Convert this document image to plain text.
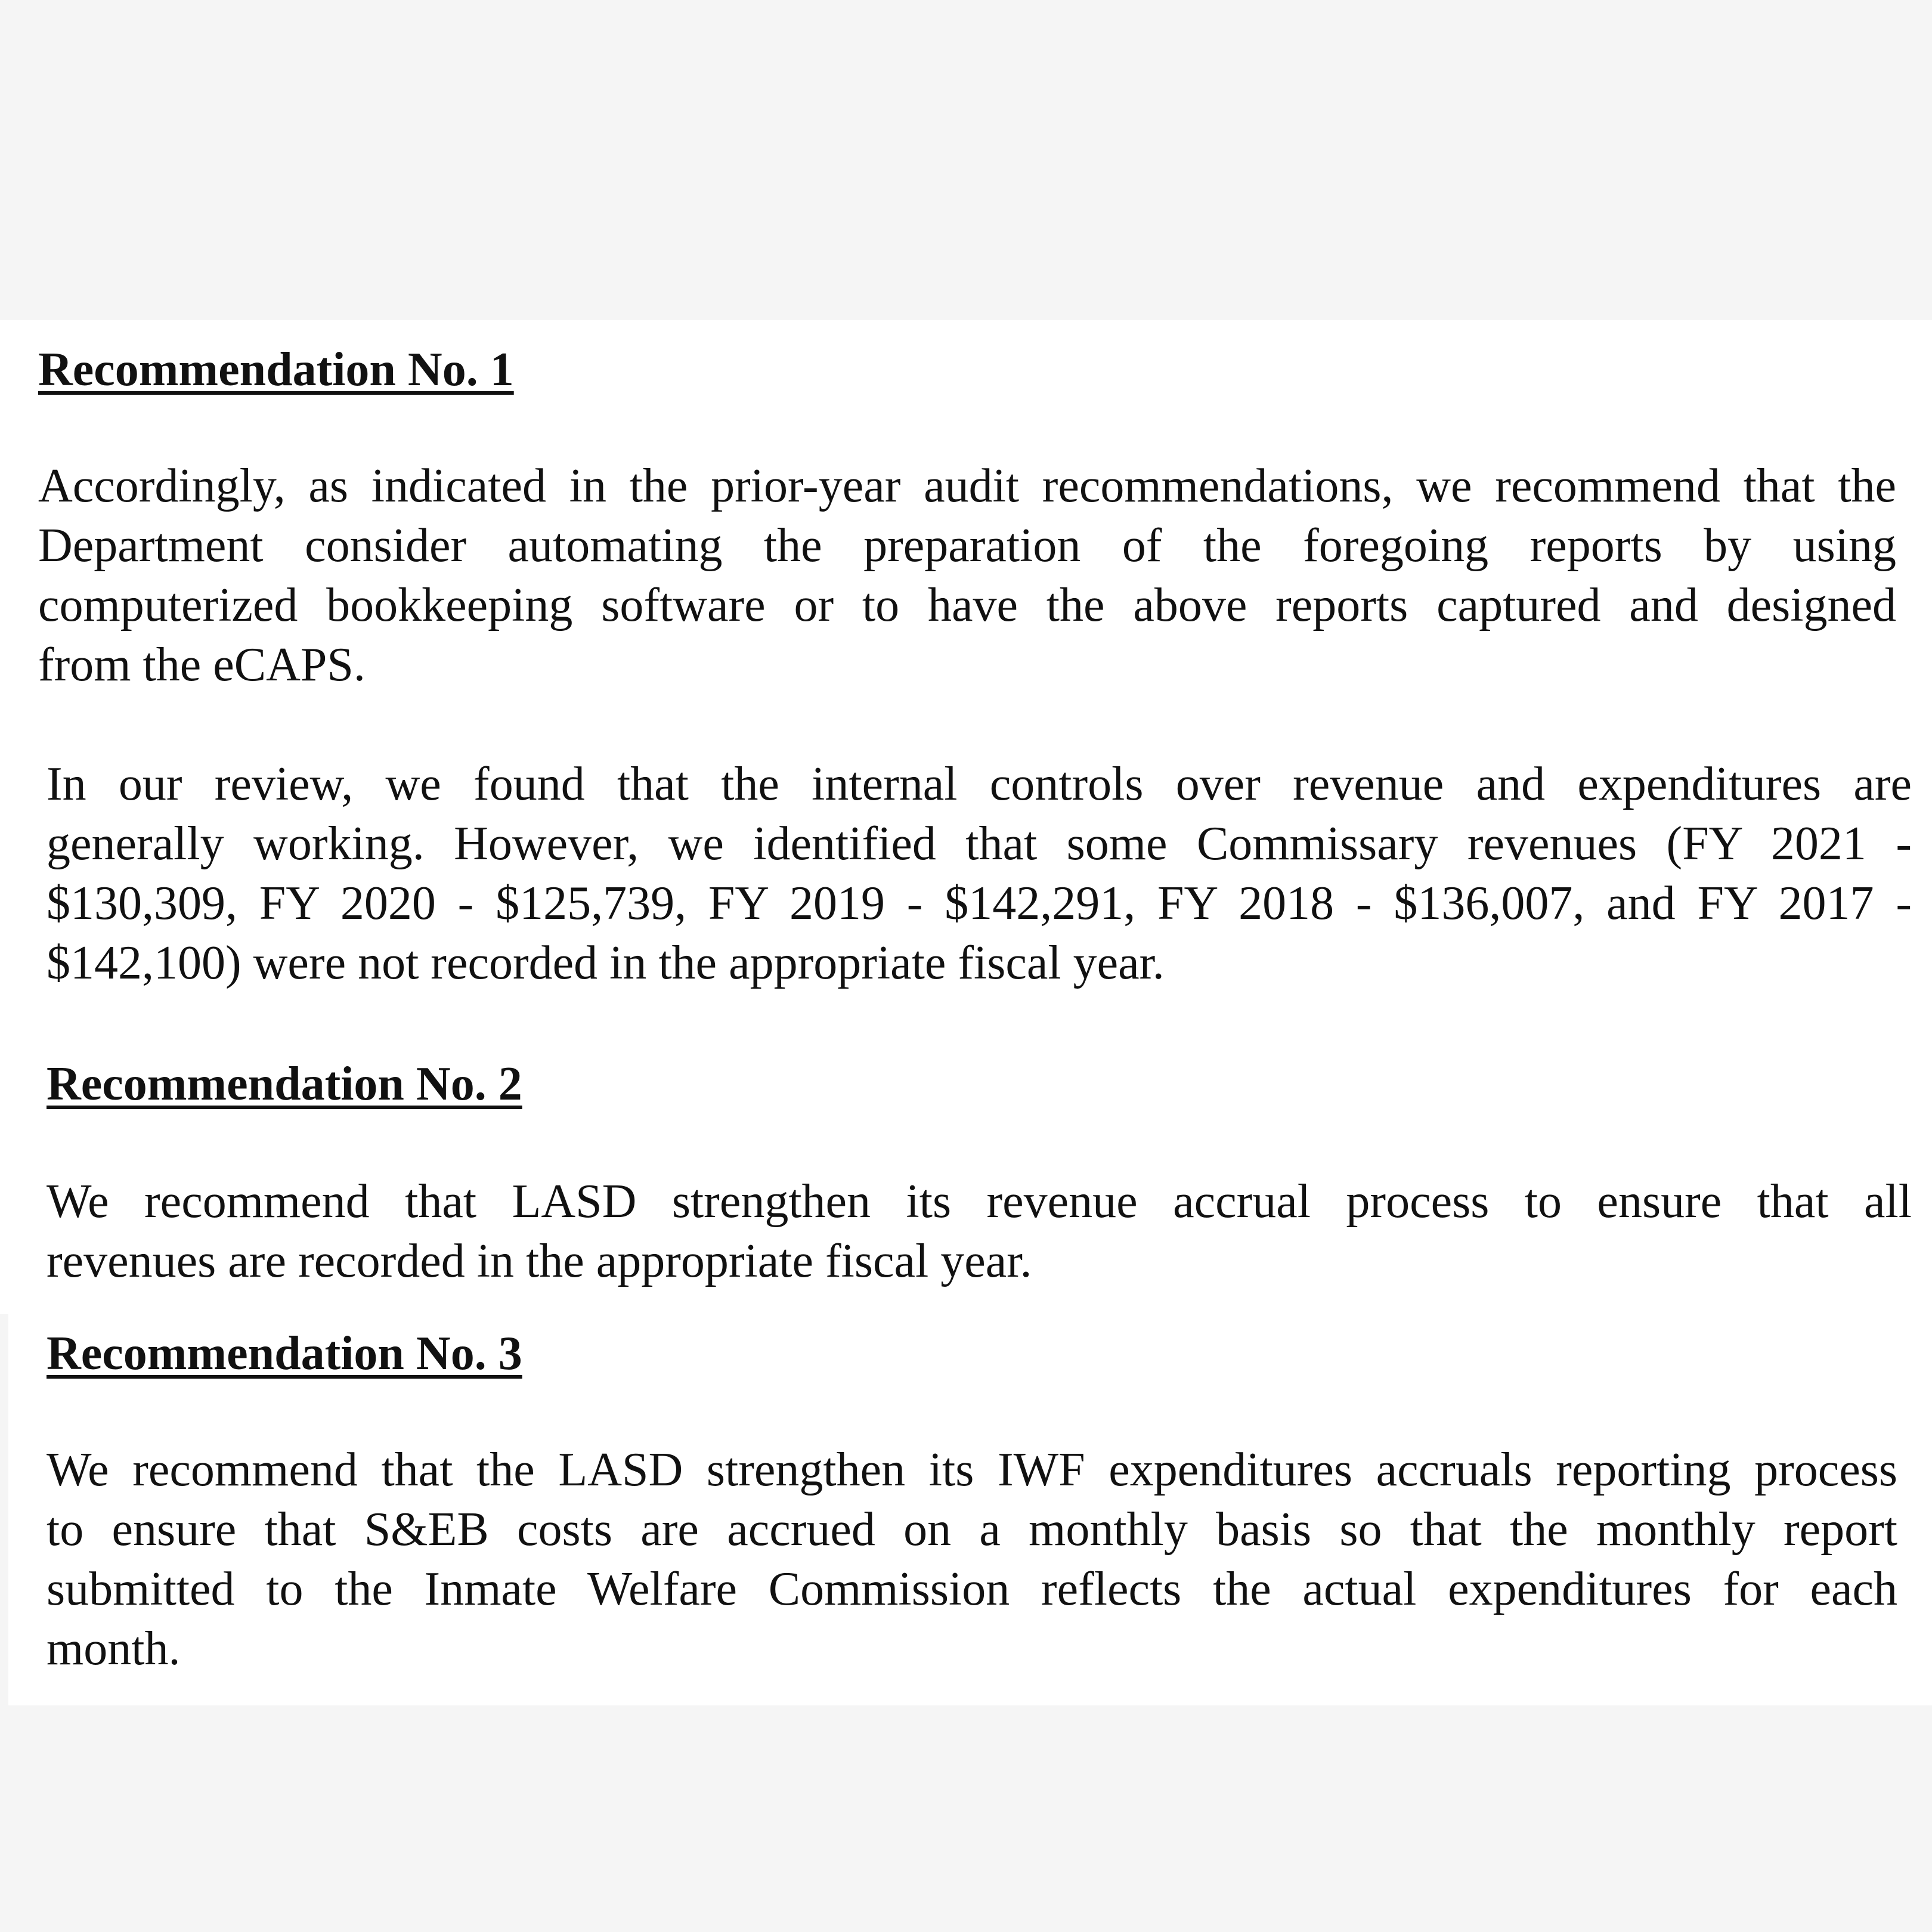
Recommendation No. 1
Accordingly, as indicated in the prior-year audit recommendations, we recommend that the
Department consider automating the preparation of the foregoing reports by using
computerized bookkeeping software or to have the above reports captured and designed
from the eCAPS.
In our review, we found that the internal controls over revenue and expenditures are
generally working. However, we identified that some Commissary revenues (FY 2021 -
$130,309, FY 2020 - $125,739, FY 2019 - $142,291, FY 2018 - $136,007, and FY 2017 -
$142,100) were not recorded in the appropriate fiscal year.
Recommendation No. 2
We recommend that LASD strengthen its revenue accrual process to ensure that all
revenues are recorded in the appropriate fiscal year.
Recommendation No. 3
We recommend that the LASD strengthen its IWF expenditures accruals reporting process
to ensure that S&EB costs are accrued on a monthly basis so that the monthly report
submitted to the Inmate Welfare Commission reflects the actual expenditures for each
month.
